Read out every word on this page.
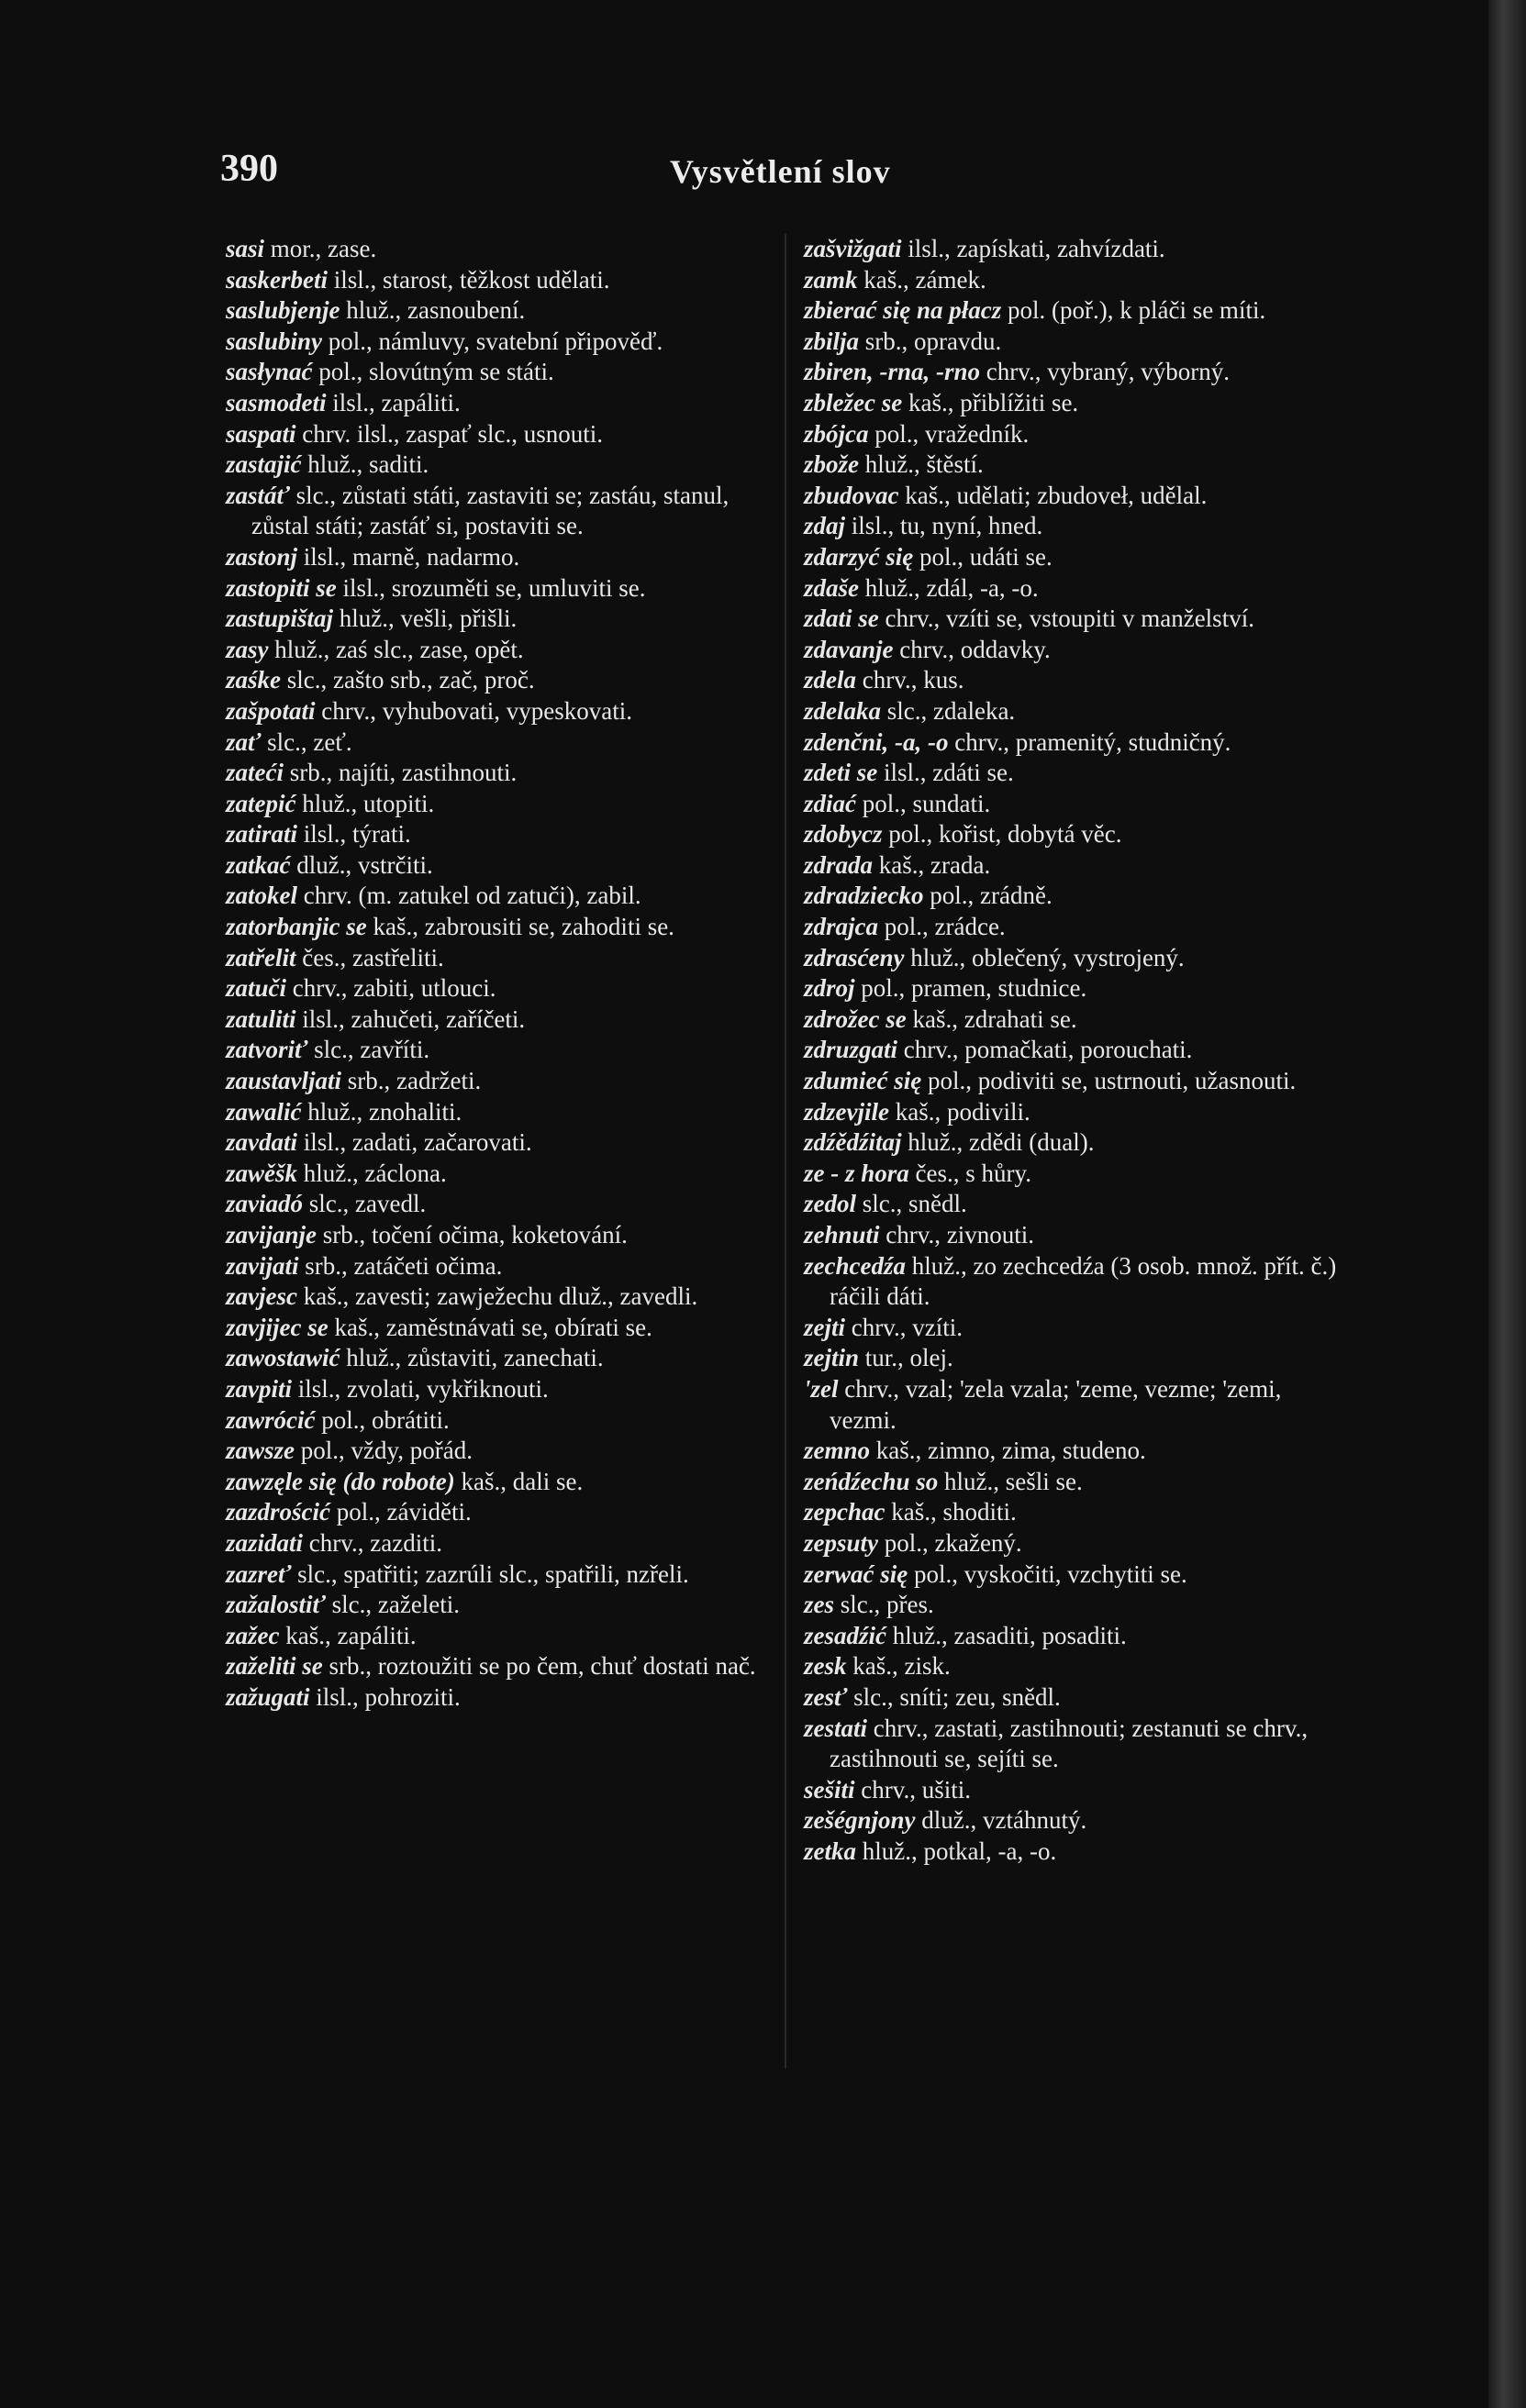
390	Vysvětlení slov

sasi mor., zase.

saskerbeti ilsl., starost, těžkost udělati.

saslubjenje hluž., zasnoubení.

saslubiny pol., námluvy, svatební připověď.

sasłynać pol., slovútným se státi.

sasmodeti ilsl., zapáliti.

saspati chrv. ilsl., zaspať slc., usnouti.

zastajić hluž., saditi.

zastáť slc., zůstati státi, zastaviti se; zastáu, stanul, zůstal státi; zastáť si, postaviti se.

zastonj ilsl., marně, nadarmo.

zastopiti se ilsl., srozuměti se, umluviti se.

zastupištaj hluž., vešli, přišli.

zasy hluž., zaś slc., zase, opět.

zaśke slc., zašto srb., zač, proč.

zašpotati chrv., vyhubovati, vypeskovati.

zať slc., zeť.

zateći srb., najíti, zastihnouti.

zatepić hluž., utopiti.

zatirati ilsl., týrati.

zatkać dluž., vstrčiti.

zatokel chrv. (m. zatukel od zatuči), zabil.

zatorbanjic se kaš., zabrousiti se, zahoditi se.

zatřelit čes., zastřeliti.

zatuči chrv., zabiti, utlouci.

zatuliti ilsl., zahučeti, zaříčeti.

zatvoriť slc., zavříti.

zaustavljati srb., zadržeti.

zawalić hluž., znohaliti.

zavdati ilsl., zadati, začarovati.

zawěšk hluž., záclona.

zaviadó slc., zavedl.

zavijanje srb., točení očima, koketování.

zavijati srb., zatáčeti očima.

zavjesc kaš., zavesti; zawježechu dluž., zavedli.

zavjijec se kaš., zaměstnávati se, obírati se.

zawostawić hluž., zůstaviti, zanechati.

zavpiti ilsl., zvolati, vykřiknouti.

zawrócić pol., obrátiti.

zawsze pol., vždy, pořád.

zawzęle się (do robote) kaš., dali se.

zazdrościć pol., záviděti.

zazidati chrv., zazditi.

zazreť slc., spatřiti; zazrúli slc., spatřili, nzřeli.

zažalostiť slc., zaželeti.

zažec kaš., zapáliti.

zaželiti se srb., roztoužiti se po čem, chuť dostati nač.

zažugati ilsl., pohroziti.

zašvižgati ilsl., zapískati, zahvízdati.

zamk kaš., zámek.

zbierać się na płacz pol. (poř.), k pláči se míti.

zbilja srb., opravdu.

zbiren, -rna, -rno chrv., vybraný, výborný.

zbležec se kaš., přiblížiti se.

zbójca pol., vražedník.

zbože hluž., štěstí.

zbudovac kaš., udělati; zbudoveł, udělal.

zdaj ilsl., tu, nyní, hned.

zdarzyć się pol., udáti se.

zdaše hluž., zdál, -a, -o.

zdati se chrv., vzíti se, vstoupiti v manželství.

zdavanje chrv., oddavky.

zdela chrv., kus.

zdelaka slc., zdaleka.

zdenčni, -a, -o chrv., pramenitý, studničný.

zdeti se ilsl., zdáti se.

zdiać pol., sundati.

zdobycz pol., kořist, dobytá věc.

zdrada kaš., zrada.

zdradziecko pol., zrádně.

zdrajca pol., zrádce.

zdrasćeny hluž., oblečený, vystrojený.

zdroj pol., pramen, studnice.

zdrožec se kaš., zdrahati se.

zdruzgati chrv., pomačkati, porouchati.

zdumieć się pol., podiviti se, ustrnouti, užasnouti.

zdzevjile kaš., podivili.

zdźědźitaj hluž., zdědi (dual).

ze - z hora čes., s hůry.

zedol slc., snědl.

zehnuti chrv., zivnouti.

zechcedźa hluž., zo zechcedźa (3 osob. množ. přít. č.) ráčili dáti.

zejti chrv., vzíti.

zejtin tur., olej.

'zel chrv., vzal; 'zela vzala; 'zeme, vezme; 'zemi, vezmi.

zemno kaš., zimno, zima, studeno.

zeńdźechu so hluž., sešli se.

zepchac kaš., shoditi.

zepsuty pol., zkažený.

zerwać się pol., vyskočiti, vzchytiti se.

zes slc., přes.

zesadźić hluž., zasaditi, posaditi.

zesk kaš., zisk.

zesť slc., sníti; zeu, snědl.

zestati chrv., zastati, zastihnouti; zestanuti se chrv., zastihnouti se, sejíti se.

sešiti chrv., ušiti.

zešégnjony dluž., vztáhnutý.

zetka hluž., potkal, -a, -o.
